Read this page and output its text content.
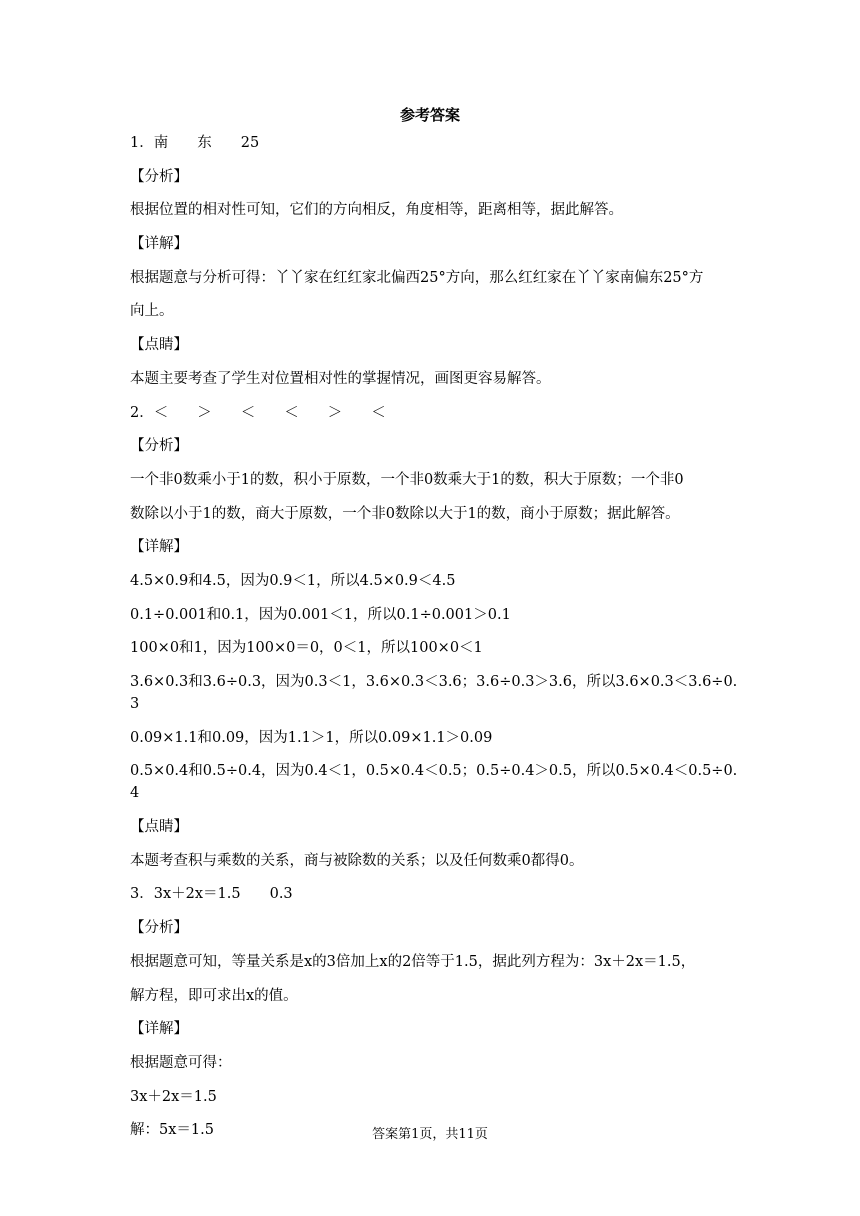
参考答案
1．南　　东　　25
【分析】
根据位置的相对性可知，它们的方向相反，角度相等，距离相等，据此解答。
【详解】
根据题意与分析可得：丫丫家在红红家北偏西25°方向，那么红红家在丫丫家南偏东25°方
向上。
【点睛】
本题主要考查了学生对位置相对性的掌握情况，画图更容易解答。
2．＜　　＞　　＜　　＜　　＞　　＜
【分析】
一个非0数乘小于1的数，积小于原数，一个非0数乘大于1的数，积大于原数；一个非0
数除以小于1的数，商大于原数，一个非0数除以大于1的数，商小于原数；据此解答。
【详解】
4.5×0.9和4.5，因为0.9＜1，所以4.5×0.9＜4.5
0.1÷0.001和0.1，因为0.001＜1，所以0.1÷0.001＞0.1
100×0和1，因为100×0＝0，0＜1，所以100×0＜1
3.6×0.3和3.6÷0.3，因为0.3＜1，3.6×0.3＜3.6；3.6÷0.3＞3.6，所以3.6×0.3＜3.6÷0.3
0.09×1.1和0.09，因为1.1＞1，所以0.09×1.1＞0.09
0.5×0.4和0.5÷0.4，因为0.4＜1，0.5×0.4＜0.5；0.5÷0.4＞0.5，所以0.5×0.4＜0.5÷0.4
【点睛】
本题考查积与乘数的关系，商与被除数的关系；以及任何数乘0都得0。
3．3x＋2x＝1.5　　0.3
【分析】
根据题意可知，等量关系是x的3倍加上x的2倍等于1.5，据此列方程为：3x＋2x＝1.5，
解方程，即可求出x的值。
【详解】
根据题意可得：
3x＋2x＝1.5
解：5x＝1.5	答案第1页，共11页
